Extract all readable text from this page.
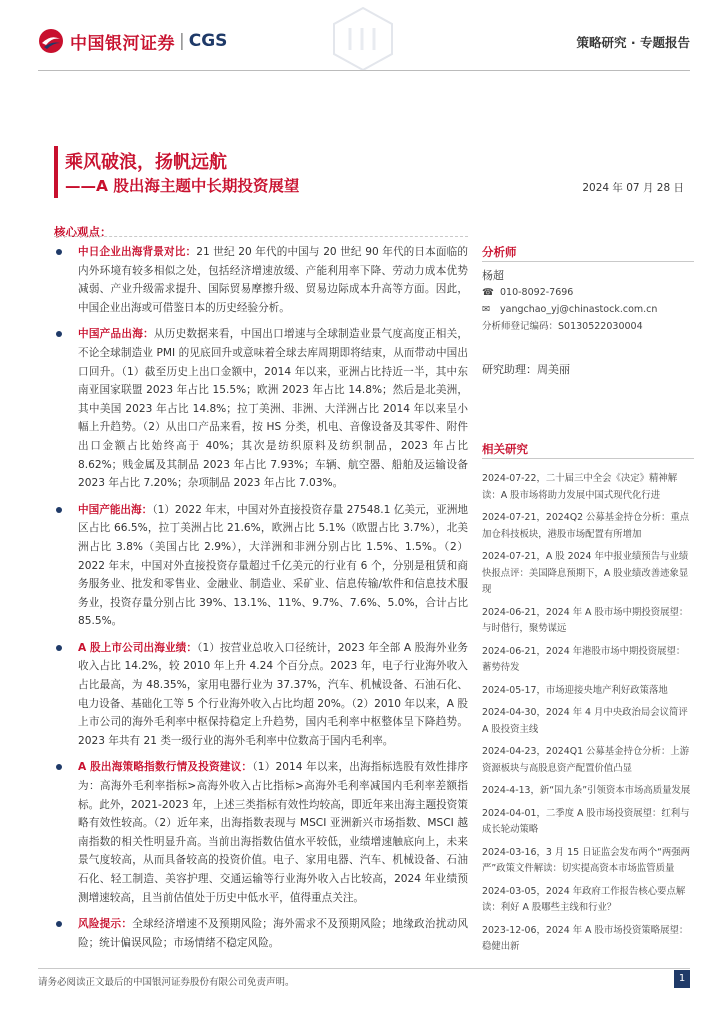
中国银河证券 | CGS	策略研究 · 专题报告
乘风破浪，扬帆远航
——A 股出海主题中长期投资展望	2024 年 07 月 28 日
核心观点：
中日企业出海背景对比：21 世纪 20 年代的中国与 20 世纪 90 年代的日本面临的内外环境有较多相似之处，包括经济增速放缓、产能利用率下降、劳动力成本优势减弱、产业升级需求提升、国际贸易摩擦升级、贸易边际成本升高等方面。因此，中国企业出海或可借鉴日本的历史经验分析。
中国产品出海：从历史数据来看，中国出口增速与全球制造业景气度高度正相关，不论全球制造业 PMI 的见底回升或意味着全球去库周期即将结束，从而带动中国出口回升。（1）截至历史上出口金额中，2014 年以来，亚洲占比持近一半，其中东南亚国家联盟 2023 年占比 15.5%；欧洲 2023 年占比 14.8%；然后是北美洲，其中美国 2023 年占比 14.8%；拉丁美洲、非洲、大洋洲占比 2014 年以来呈小幅上升趋势。（2）从出口产品来看，按 HS 分类，机电、音像设备及其零件、附件出口金额占比始终高于 40%；其次是纺织原料及纺织制品，2023 年占比 8.62%；贱金属及其制品 2023 年占比 7.93%；车辆、航空器、船舶及运输设备 2023 年占比 7.20%；杂项制品 2023 年占比 7.03%。
中国产能出海：（1）2022 年末，中国对外直接投资存量 27548.1 亿美元，亚洲地区占比 66.5%，拉丁美洲占比 21.6%，欧洲占比 5.1%（欧盟占比 3.7%），北美洲占比 3.8%（美国占比 2.9%），大洋洲和非洲分别占比 1.5%、1.5%。（2）2022 年末，中国对外直接投资存量超过千亿美元的行业有 6 个，分别是租赁和商务服务业、批发和零售业、金融业、制造业、采矿业、信息传输/软件和信息技术服务业，投资存量分别占比 39%、13.1%、11%、9.7%、7.6%、5.0%，合计占比 85.5%。
A 股上市公司出海业绩：（1）按营业总收入口径统计，2023 年全部 A 股海外业务收入占比 14.2%，较 2010 年上升 4.24 个百分点。2023 年，电子行业海外收入占比最高，为 48.35%，家用电器行业为 37.37%，汽车、机械设备、石油石化、电力设备、基础化工等 5 个行业海外收入占比均超 20%。（2）2010 年以来，A 股上市公司的海外毛利率中枢保持稳定上升趋势，国内毛利率中枢整体呈下降趋势。2023 年共有 21 类一级行业的海外毛利率中位数高于国内毛利率。
A 股出海策略指数行情及投资建议：（1）2014 年以来，出海指标选股有效性排序为：高海外毛利率指标>高海外收入占比指标>高海外毛利率减国内毛利率差额指标。此外，2021-2023 年，上述三类指标有效性均较高，即近年来出海主题投资策略有效性较高。（2）近年来，出海指数表现与 MSCI 亚洲新兴市场指数、MSCI 越南指数的相关性明显升高。当前出海指数估值水平较低，业绩增速触底向上，未来景气度较高，从而具备较高的投资价值。电子、家用电器、汽车、机械设备、石油石化、轻工制造、美容护理、交通运输等行业海外收入占比较高，2024 年业绩预测增速较高，且当前估值处于历史中低水平，值得重点关注。
风险提示：全球经济增速不及预期风险；海外需求不及预期风险；地缘政治扰动风险；统计偏误风险；市场情绪不稳定风险。
分析师
杨超
☎ 010-8092-7696
✉	yangchao_yj@chinastock.com.cn
分析师登记编码： S0130522030004
研究助理：周美丽
相关研究
2024-07-22，二十届三中全会《决定》精神解读：A 股市场将助力发展中国式现代化行进
2024-07-21，2024Q2 公募基金持仓分析：重点加仓科技板块，港股市场配置有所增加
2024-07-21，A 股 2024 年中报业绩预告与业绩快报点评：美国降息预期下，A 股业绩改善迹象显现
2024-06-21，2024 年 A 股市场中期投资展望：与时偕行，聚势谋远
2024-06-21，2024 年港股市场中期投资展望：蓄势待发
2024-05-17，市场迎接央地产利好政策落地
2024-04-30，2024 年 4 月中央政治局会议简评 A 股投资主线
2024-04-23，2024Q1 公募基金持仓分析：上游资源板块与高股息资产配置价值凸显
2024-4-13，新“国九条”引领资本市场高质量发展
2024-04-01，二季度 A 股市场投资展望：红利与成长轮动策略
2024-03-16，3 月 15 日证监会发布两个“两强两严”政策文件解读：切实提高资本市场监管质量
2024-03-05，2024 年政府工作报告核心要点解读：利好 A 股哪些主线和行业？
2023-12-06，2024 年 A 股市场投资策略展望：稳健出新
请务必阅读正文最后的中国银河证券股份有限公司免责声明。	1
